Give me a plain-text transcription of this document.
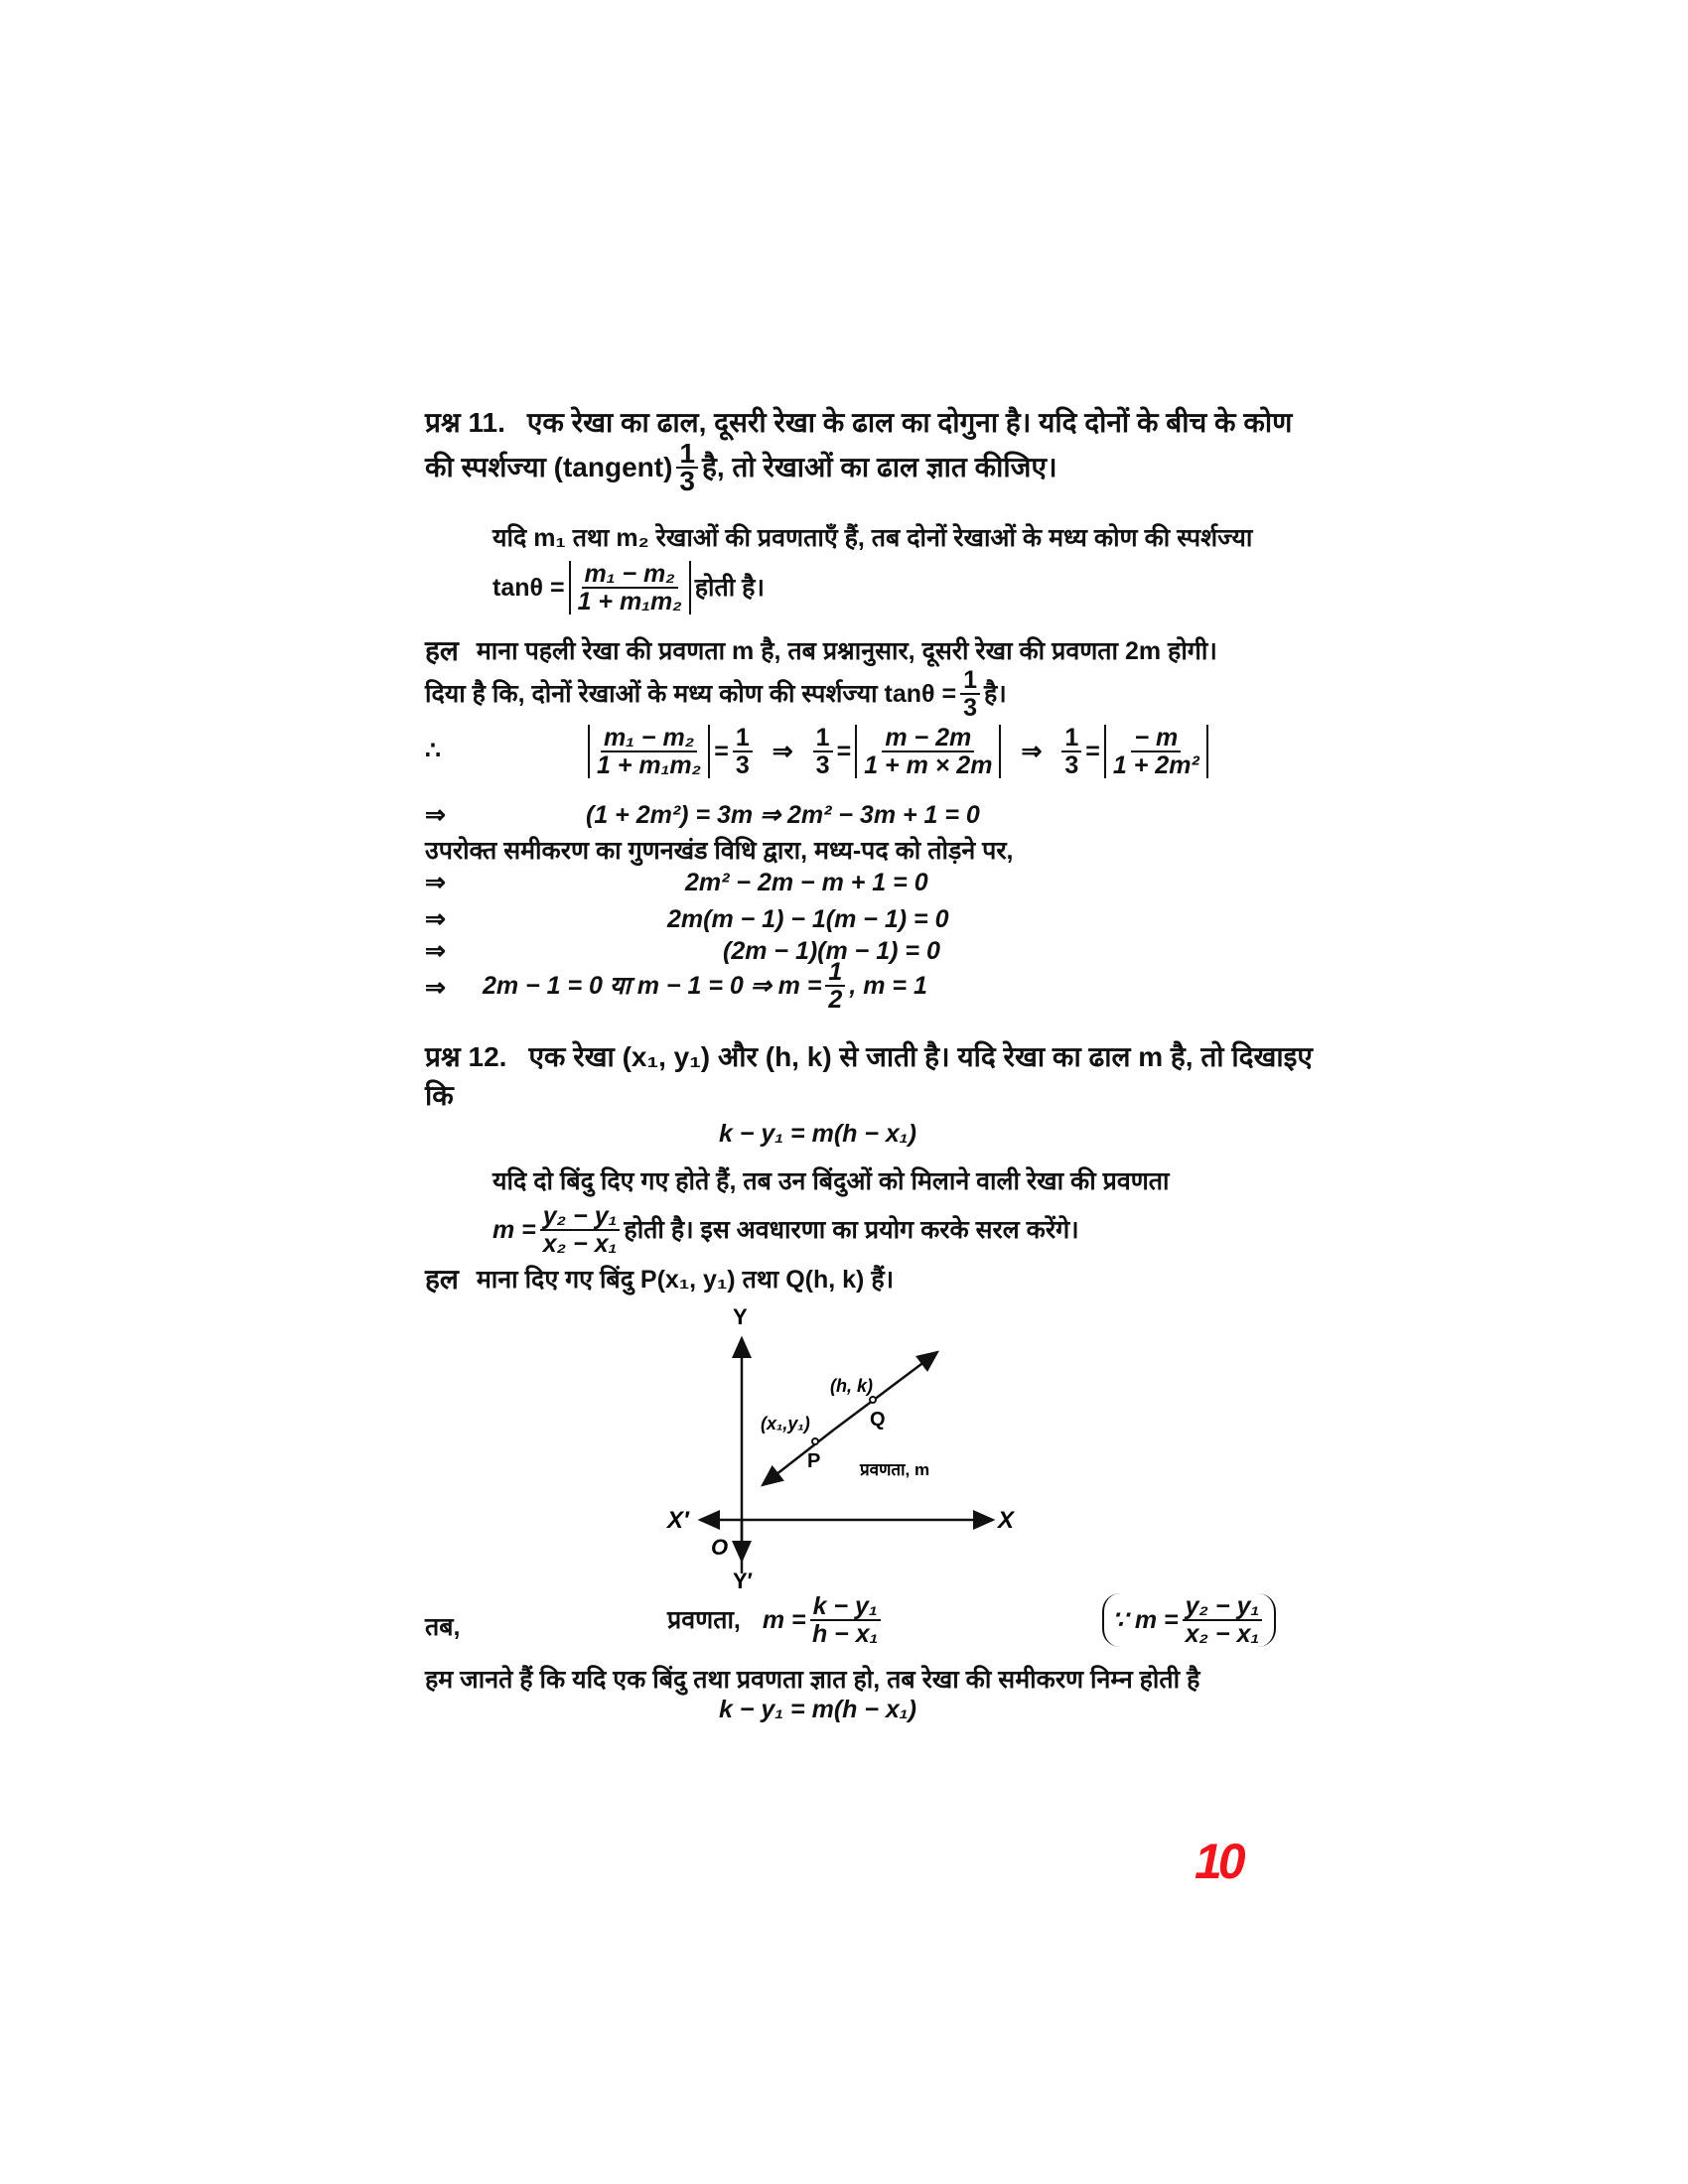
प्रश्न 11. एक रेखा का ढाल, दूसरी रेखा के ढाल का दोगुना है। यदि दोनों के बीच के कोण
की स्पर्शज्या (tangent) $\frac{1}{3}$ है, तो रेखाओं का ढाल ज्ञात कीजिए।
यदि m₁ तथा m₂ रेखाओं की प्रवणताएँ हैं, तब दोनों रेखाओं के मध्य कोण की स्पर्शज्या
$\tan\theta = \frac{\text{m₁ − m₂}}{\text{1 + m₁m₂}}$ होती है।
हल माना पहली रेखा की प्रवणता m है, तब प्रश्नानुसार, दूसरी रेखा की प्रवणता 2m होगी।
दिया है कि, दोनों रेखाओं के मध्य कोण की स्पर्शज्या $\tan\theta = \frac{1}{3}$ है।
∴	$\frac{\text{m₁ − m₂}}{\text{1 + m₁m₂}} = \frac{1}{3}$ ⇒ $\frac{1}{3} = \frac{m - 2m}{1 + m \times 2m}$ ⇒ $\frac{1}{3} = \frac{- m}{\text{1 + 2m²}}$
⇒	(1 + 2m²) = 3m ⇒ 2m² − 3m + 1 = 0
उपरोक्त समीकरण का गुणनखंड विधि द्वारा, मध्य-पद को तोड़ने पर,
⇒	2m² − 2m − m + 1 = 0
⇒	2m(m − 1) − 1(m − 1) = 0
⇒	(2m − 1)(m − 1) = 0
⇒ 2m − 1 = 0 या m − 1 = 0 ⇒ $m = \frac{1}{2}$ , m = 1
प्रश्न 12. एक रेखा (x₁, y₁) और (h, k) से जाती है। यदि रेखा का ढाल m है, तो दिखाइए
कि
k − y₁ = m(h − x₁)
यदि दो बिंदु दिए गए होते हैं, तब उन बिंदुओं को मिलाने वाली रेखा की प्रवणता
$m = \frac{\text{y₂ − y₁}}{\text{x₂ − x₁}}$ होती है। इस अवधारणा का प्रयोग करके सरल करेंगे।
हल माना दिए गए बिंदु P(x₁, y₁) तथा Q(h, k) हैं।
Y
Y′
X
X′
O
P
Q
(x₁,y₁)
(h, k)
प्रवणता, m
तब,	प्रवणता, $m = \frac{\text{k − y₁}}{\text{h − x₁}}$	∵ $m = \frac{\text{y₂ − y₁}}{\text{x₂ − x₁}}$
हम जानते हैं कि यदि एक बिंदु तथा प्रवणता ज्ञात हो, तब रेखा की समीकरण निम्न होती है
k − y₁ = m(h − x₁)
10
